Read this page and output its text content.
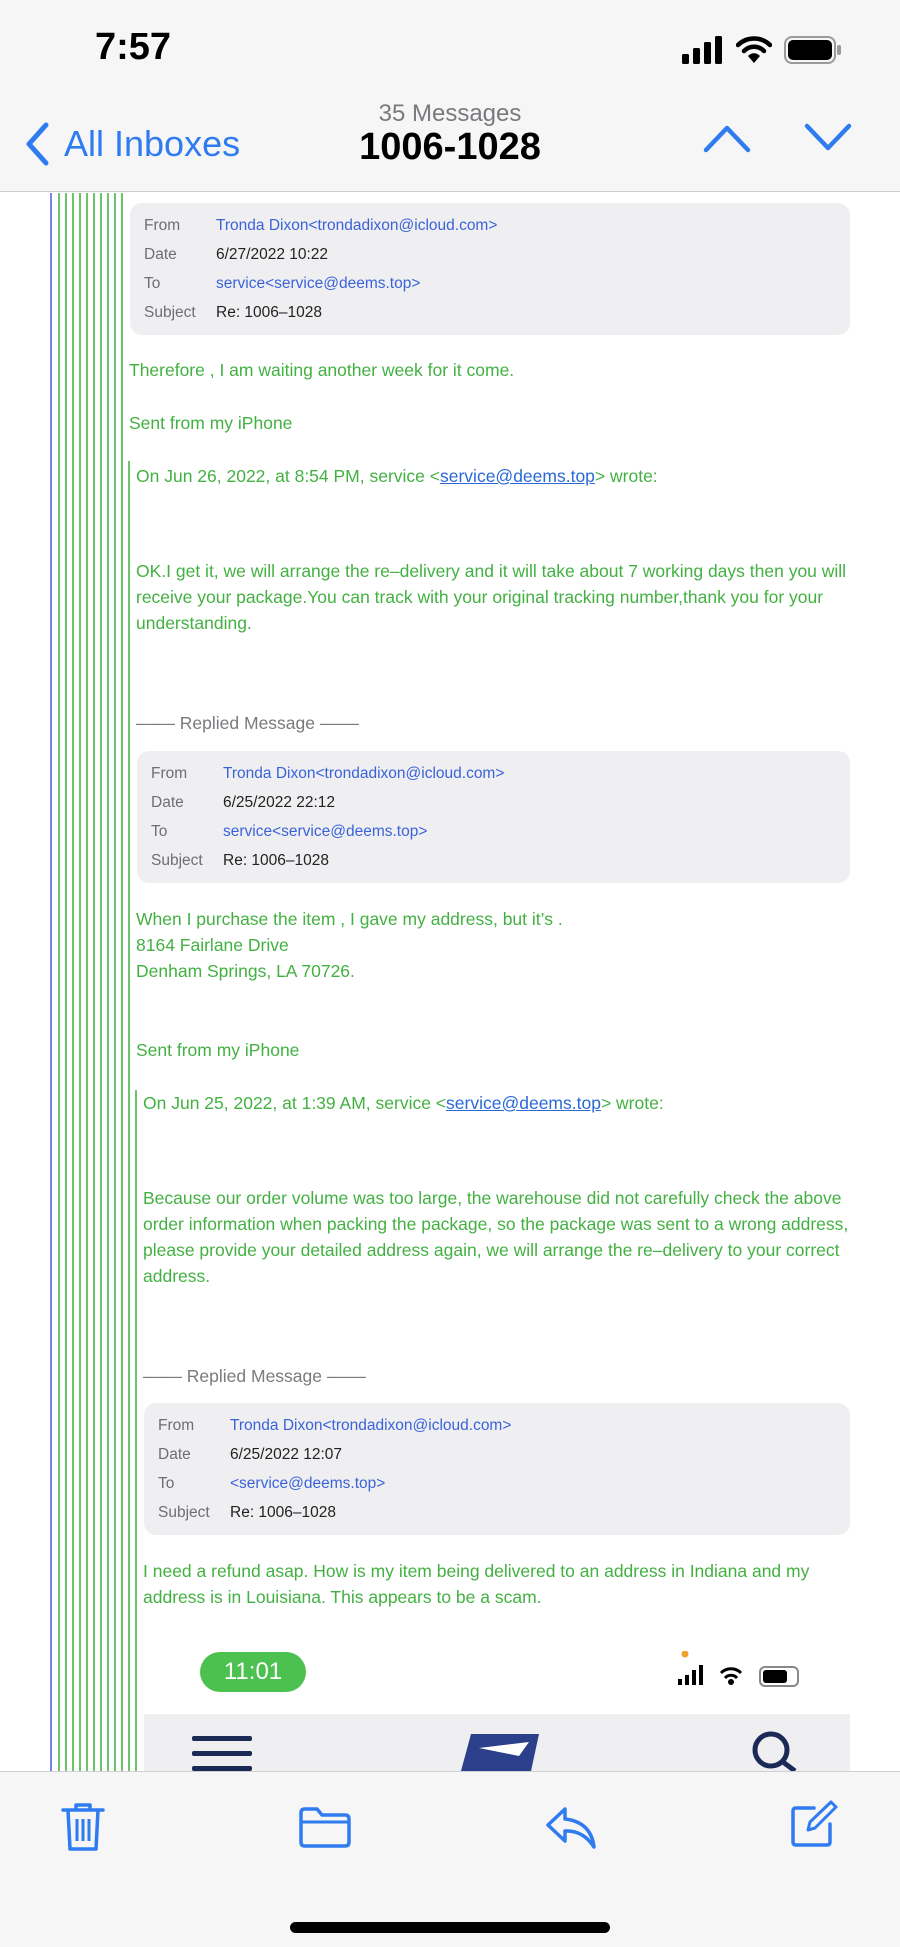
7:57
All Inboxes
35 Messages
1006-1028
From	Tronda Dixon<trondadixon@icloud.com>
Date	6/27/2022 10:22
To	service<service@deems.top>
Subject	Re: 1006–1028
Therefore , I am waiting another week for it come.
Sent from my iPhone
On Jun 26, 2022, at 8:54 PM, service <service@deems.top> wrote:
OK.I get it, we will arrange the re–delivery and it will take about 7 working days then you will receive your package.You can track with your original tracking number,thank you for your understanding.
–––– Replied Message ––––
From	Tronda Dixon<trondadixon@icloud.com>
Date	6/25/2022 22:12
To	service<service@deems.top>
Subject	Re: 1006–1028
When I purchase the item , I gave my address, but it’s .
8164 Fairlane Drive
Denham Springs, LA 70726.
Sent from my iPhone
On Jun 25, 2022, at 1:39 AM, service <service@deems.top> wrote:
Because our order volume was too large, the warehouse did not carefully check the above order information when packing the package, so the package was sent to a wrong address, please provide your detailed address again, we will arrange the re–delivery to your correct address.
–––– Replied Message ––––
From	Tronda Dixon<trondadixon@icloud.com>
Date	6/25/2022 12:07
To	<service@deems.top>
Subject	Re: 1006–1028
I need a refund asap. How is my item being delivered to an address in Indiana and my address is in Louisiana. This appears to be a scam.
11:01
